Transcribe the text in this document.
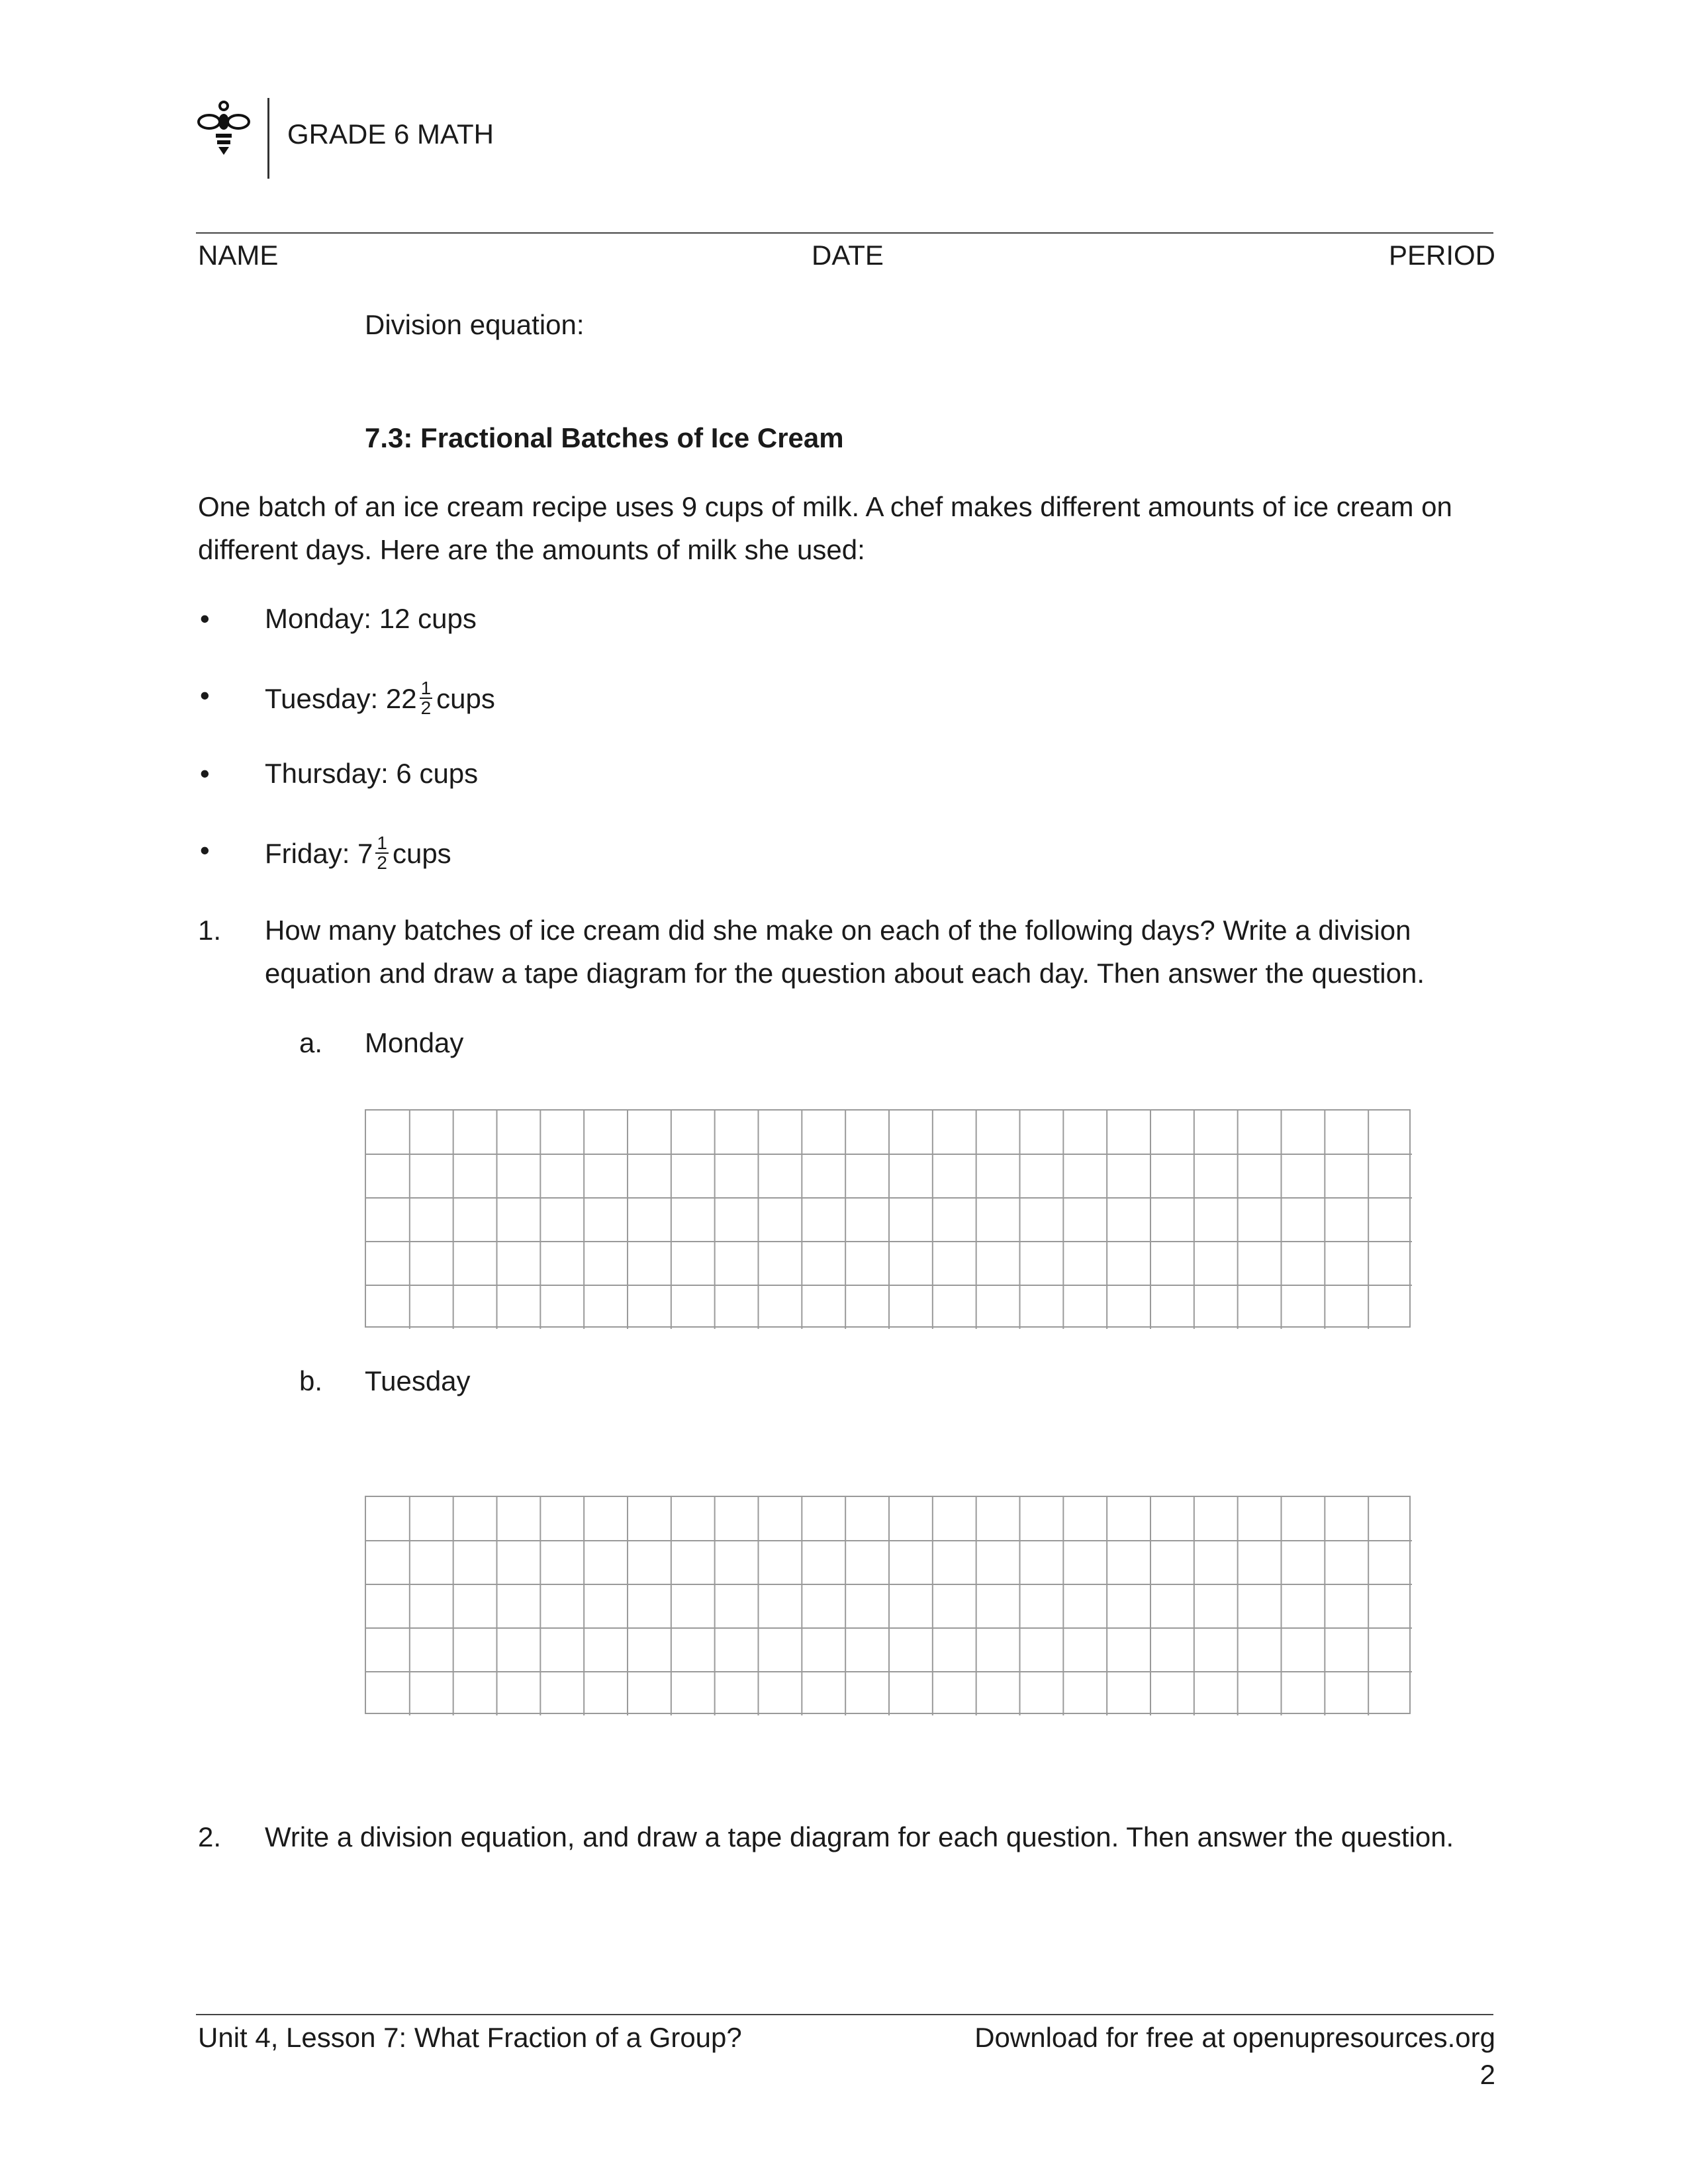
GRADE 6 MATH
NAME	DATE	PERIOD
Division equation:
7.3: Fractional Batches of Ice Cream
One batch of an ice cream recipe uses 9 cups of milk. A chef makes different amounts of ice cream on
different days. Here are the amounts of milk she used:
• Monday: 12 cups
• Tuesday: $22 \frac{1}{2}$ cups
• Thursday: 6 cups
• Friday: $7 \frac{1}{2}$ cups
1. How many batches of ice cream did she make on each of the following days? Write a division
equation and draw a tape diagram for the question about each day. Then answer the question.
a. Monday
b. Tuesday
2. Write a division equation, and draw a tape diagram for each question. Then answer the question.
Unit 4, Lesson 7: What Fraction of a Group?	Download for free at openupresources.org
2
